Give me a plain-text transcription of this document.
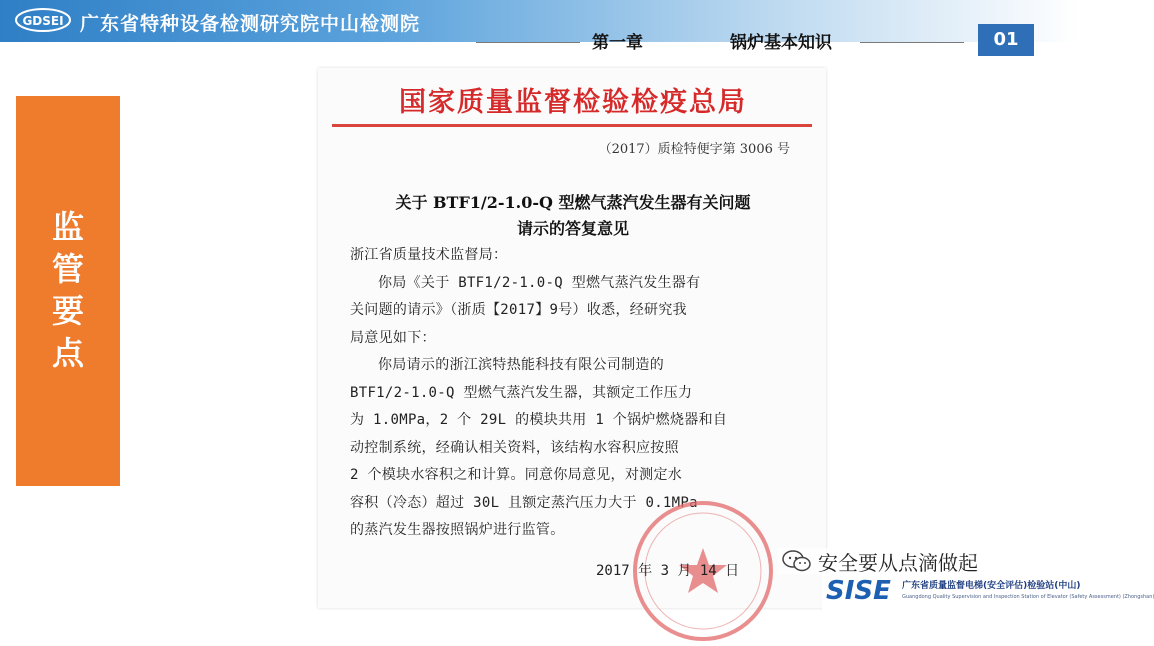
GDSEI 广东省特种设备检测研究院中山检测院
第一章	锅炉基本知识	01
监
管
要
点
国家质量监督检验检疫总局
（2017）质检特便字第 3006 号
关于 BTF1/2-1.0-Q 型燃气蒸汽发生器有关问题
请示的答复意见

浙江省质量技术监督局：

你局《关于 BTF1/2-1.0-Q 型燃气蒸汽发生器有

关问题的请示》（浙质【2017】9号）收悉，经研究我

局意见如下：

你局请示的浙江滨特热能科技有限公司制造的

BTF1/2-1.0-Q 型燃气蒸汽发生器，其额定工作压力

为 1.0MPa，2 个 29L 的模块共用 1 个锅炉燃烧器和自

动控制系统，经确认相关资料，该结构水容积应按照

2 个模块水容积之和计算。同意你局意见，对测定水

容积（冷态）超过 30L 且额定蒸汽压力大于 0.1MPa

的蒸汽发生器按照锅炉进行监管。

2017 年 3 月 14 日	安全要从点滴做起
SISE 广东省质量监督电梯(安全评估)检验站(中山)
Guangdong Quality Supervision and Inspection Station of Elevator (Safety Assessment) (Zhongshan)
